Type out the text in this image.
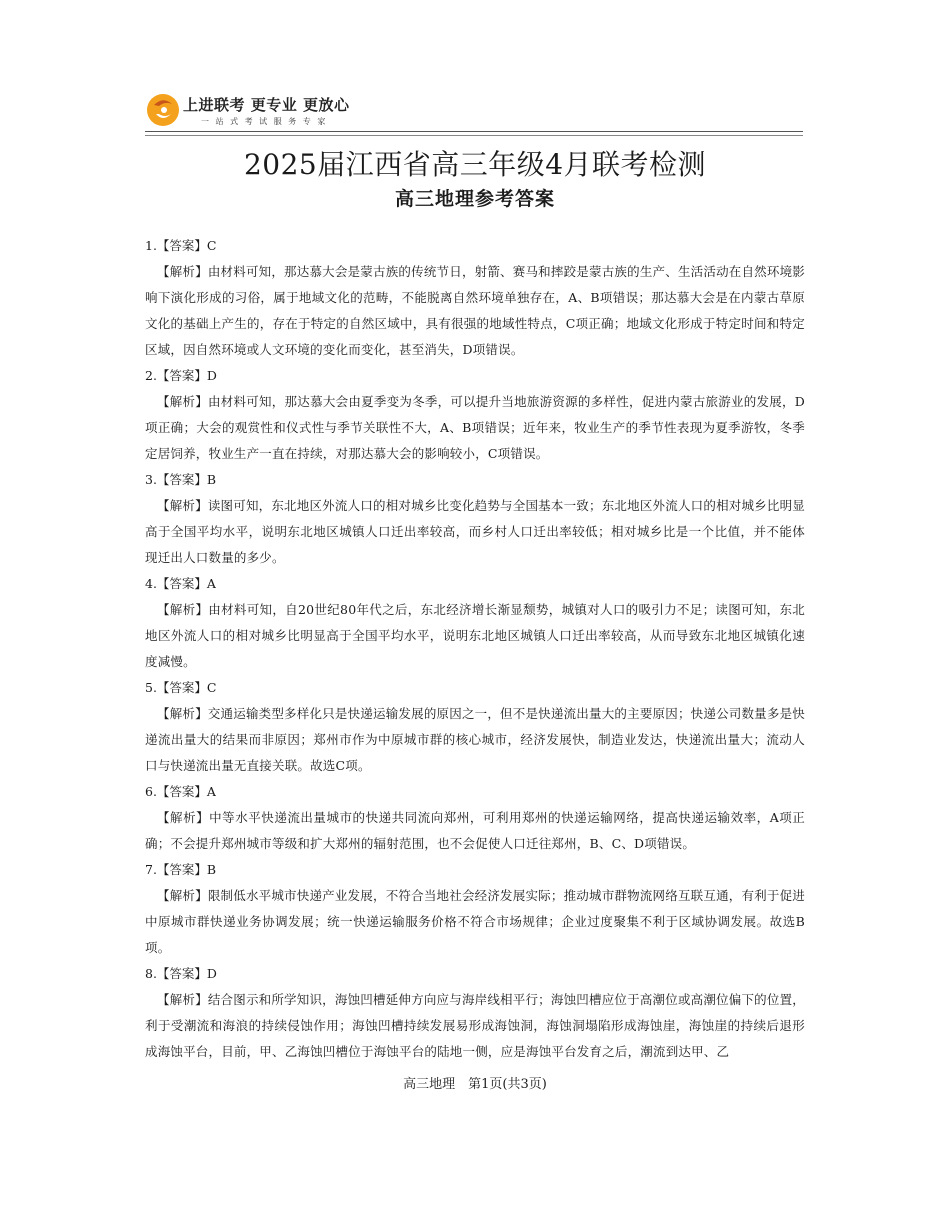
上进联考 更专业 更放心
一 站 式 考 试 服 务 专 家
2025届江西省高三年级4月联考检测
高三地理参考答案
1.【答案】C

【解析】由材料可知，那达慕大会是蒙古族的传统节日，射箭、赛马和摔跤是蒙古族的生产、生活活动在自然环境影响下演化形成的习俗，属于地域文化的范畴，不能脱离自然环境单独存在，A、B项错误；那达慕大会是在内蒙古草原文化的基础上产生的，存在于特定的自然区域中，具有很强的地域性特点，C项正确；地域文化形成于特定时间和特定区域，因自然环境或人文环境的变化而变化，甚至消失，D项错误。

2.【答案】D

【解析】由材料可知，那达慕大会由夏季变为冬季，可以提升当地旅游资源的多样性，促进内蒙古旅游业的发展，D项正确；大会的观赏性和仪式性与季节关联性不大，A、B项错误；近年来，牧业生产的季节性表现为夏季游牧，冬季定居饲养，牧业生产一直在持续，对那达慕大会的影响较小，C项错误。

3.【答案】B

【解析】读图可知，东北地区外流人口的相对城乡比变化趋势与全国基本一致；东北地区外流人口的相对城乡比明显高于全国平均水平，说明东北地区城镇人口迁出率较高，而乡村人口迁出率较低；相对城乡比是一个比值，并不能体现迁出人口数量的多少。

4.【答案】A

【解析】由材料可知，自20世纪80年代之后，东北经济增长渐显颓势，城镇对人口的吸引力不足；读图可知，东北地区外流人口的相对城乡比明显高于全国平均水平，说明东北地区城镇人口迁出率较高，从而导致东北地区城镇化速度减慢。

5.【答案】C

【解析】交通运输类型多样化只是快递运输发展的原因之一，但不是快递流出量大的主要原因；快递公司数量多是快递流出量大的结果而非原因；郑州市作为中原城市群的核心城市，经济发展快，制造业发达，快递流出量大；流动人口与快递流出量无直接关联。故选C项。

6.【答案】A

【解析】中等水平快递流出量城市的快递共同流向郑州，可利用郑州的快递运输网络，提高快递运输效率，A项正确；不会提升郑州城市等级和扩大郑州的辐射范围，也不会促使人口迁往郑州，B、C、D项错误。

7.【答案】B

【解析】限制低水平城市快递产业发展，不符合当地社会经济发展实际；推动城市群物流网络互联互通，有利于促进中原城市群快递业务协调发展；统一快递运输服务价格不符合市场规律；企业过度聚集不利于区域协调发展。故选B项。

8.【答案】D

【解析】结合图示和所学知识，海蚀凹槽延伸方向应与海岸线相平行；海蚀凹槽应位于高潮位或高潮位偏下的位置，利于受潮流和海浪的持续侵蚀作用；海蚀凹槽持续发展易形成海蚀洞，海蚀洞塌陷形成海蚀崖，海蚀崖的持续后退形成海蚀平台，目前，甲、乙海蚀凹槽位于海蚀平台的陆地一侧，应是海蚀平台发育之后，潮流到达甲、乙

高三地理　第1页(共3页)
